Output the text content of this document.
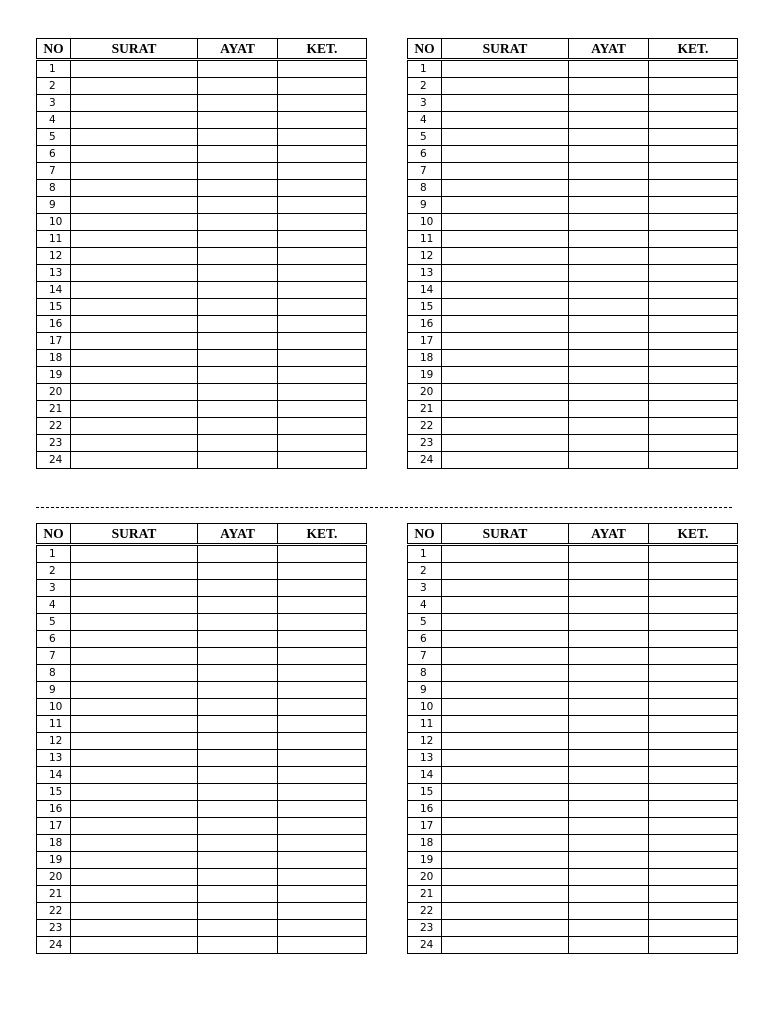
NO	SURAT	AYAT	KET.
1			
2			
3			
4			
5			
6			
7			
8			
9			
10			
11			
12			
13			
14			
15			
16			
17			
18			
19			
20			
21			
22			
23			
24			
NO	SURAT	AYAT	KET.
1			
2			
3			
4			
5			
6			
7			
8			
9			
10			
11			
12			
13			
14			
15			
16			
17			
18			
19			
20			
21			
22			
23			
24			
NO	SURAT	AYAT	KET.
1			
2			
3			
4			
5			
6			
7			
8			
9			
10			
11			
12			
13			
14			
15			
16			
17			
18			
19			
20			
21			
22			
23			
24			
NO	SURAT	AYAT	KET.
1			
2			
3			
4			
5			
6			
7			
8			
9			
10			
11			
12			
13			
14			
15			
16			
17			
18			
19			
20			
21			
22			
23			
24			
